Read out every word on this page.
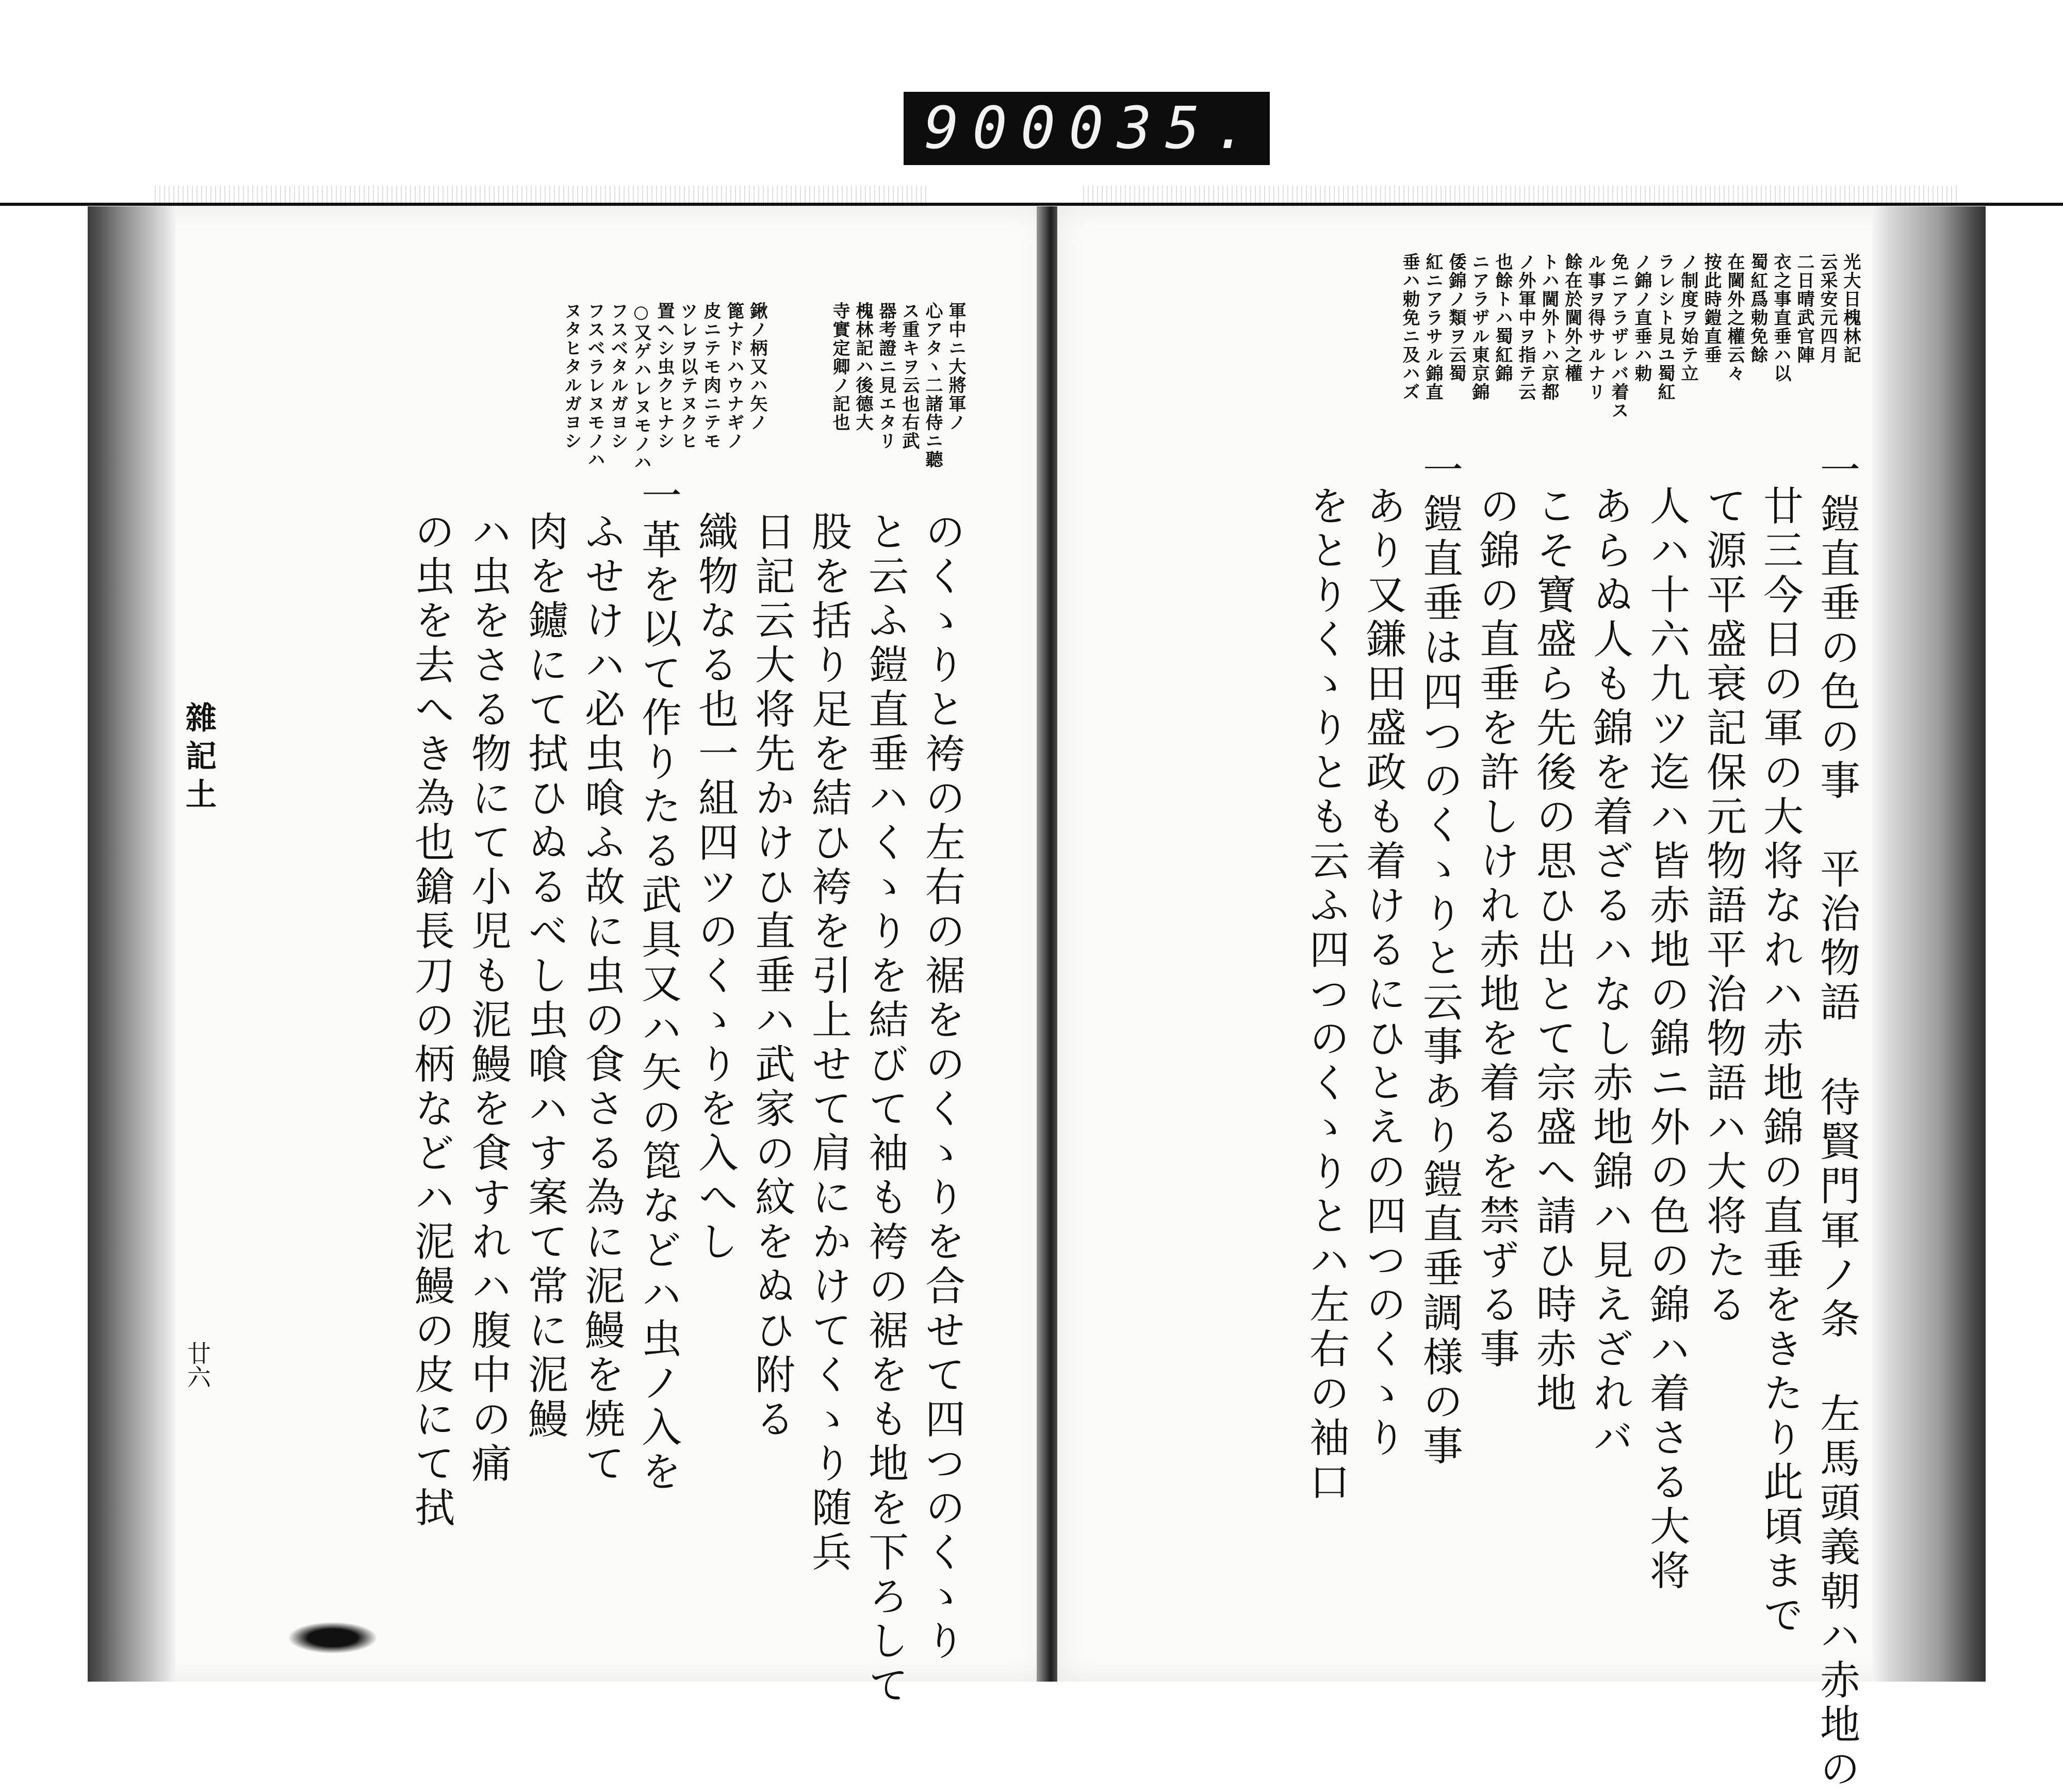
900 035.
軍中ニ大將軍ノ
心アタヽ二諸侍ニ聽
ス重キヲ云也右武
器考證ニ見エタリ
槐林記ハ後德大
寺實定卿ノ記也
鍬ノ柄又ハ矢ノ
篦ナドハウナギノ
皮ニテモ肉ニテモ
ツレヲ以テヌクヒ
置ヘシ虫クヒナシ
○又ゲハレヌモノハ
フスベタルガヨシ
フスベラレヌモノハ
ヌタヒタルガヨシ
のくゝりと袴の左右の裾をのくゝりを合せて四つのくゝり
と云ふ鎧直垂ハくゝりを結びて袖も袴の裾をも地を下ろして
股を括り足を結ひ袴を引上せて肩にかけてくゝり随兵
日記云大将先かけひ直垂ハ武家の紋をぬひ附る
織物なる也一組四ツのくゝりを入へし
一革を以て作りたる武具又ハ矢の箆などハ虫ノ入を
ふせけハ必虫喰ふ故に虫の食さる為に泥鰻を焼て
肉を鑢にて拭ひぬるべし虫喰ハす案て常に泥鰻
ハ虫をさる物にて小児も泥鰻を食すれハ腹中の痛
の虫を去へき為也鎗長刀の柄などハ泥鰻の皮にて拭
雜記土
廿六
光大日槐林記
云采安元四月
二日晴武官陣
衣之事直垂ハ以
蜀紅爲勅免餘
在閫外之權云々
按此時鎧直垂
ノ制度ヲ始テ立
ラレシト見ユ蜀紅
ノ錦ノ直垂ハ勅
免ニアラザレバ着ス
ル事ヲ得サルナリ
餘在於閫外之權
トハ閫外トハ京都
ノ外軍中ヲ指テ云
也餘トハ蜀紅錦
ニアラザル東京錦
倭錦ノ類ヲ云蜀
紅ニアラサル錦直
垂ハ勅免ニ及ハズ
一鎧直垂の色の事　平治物語 待賢門軍ノ条 左馬頭義朝ハ赤地の
廿三今日の軍の大将なれハ赤地錦の直垂をきたり此頃まで
て源平盛衰記保元物語平治物語ハ大将たる
人ハ十六九ツ迄ハ皆赤地の錦ニ外の色の錦ハ着さる大将
あらぬ人も錦を着ざるハなし赤地錦ハ見えざれバ
こそ寶盛ら先後の思ひ出とて宗盛へ請ひ時赤地
の錦の直垂を許しけれ赤地を着るを禁ずる事
一鎧直垂は四つのくゝりと云事あり鎧直垂調様の事
あり又鎌田盛政も着けるにひとえの四つのくゝり
をとりくゝりとも云ふ四つのくゝりとハ左右の袖口
